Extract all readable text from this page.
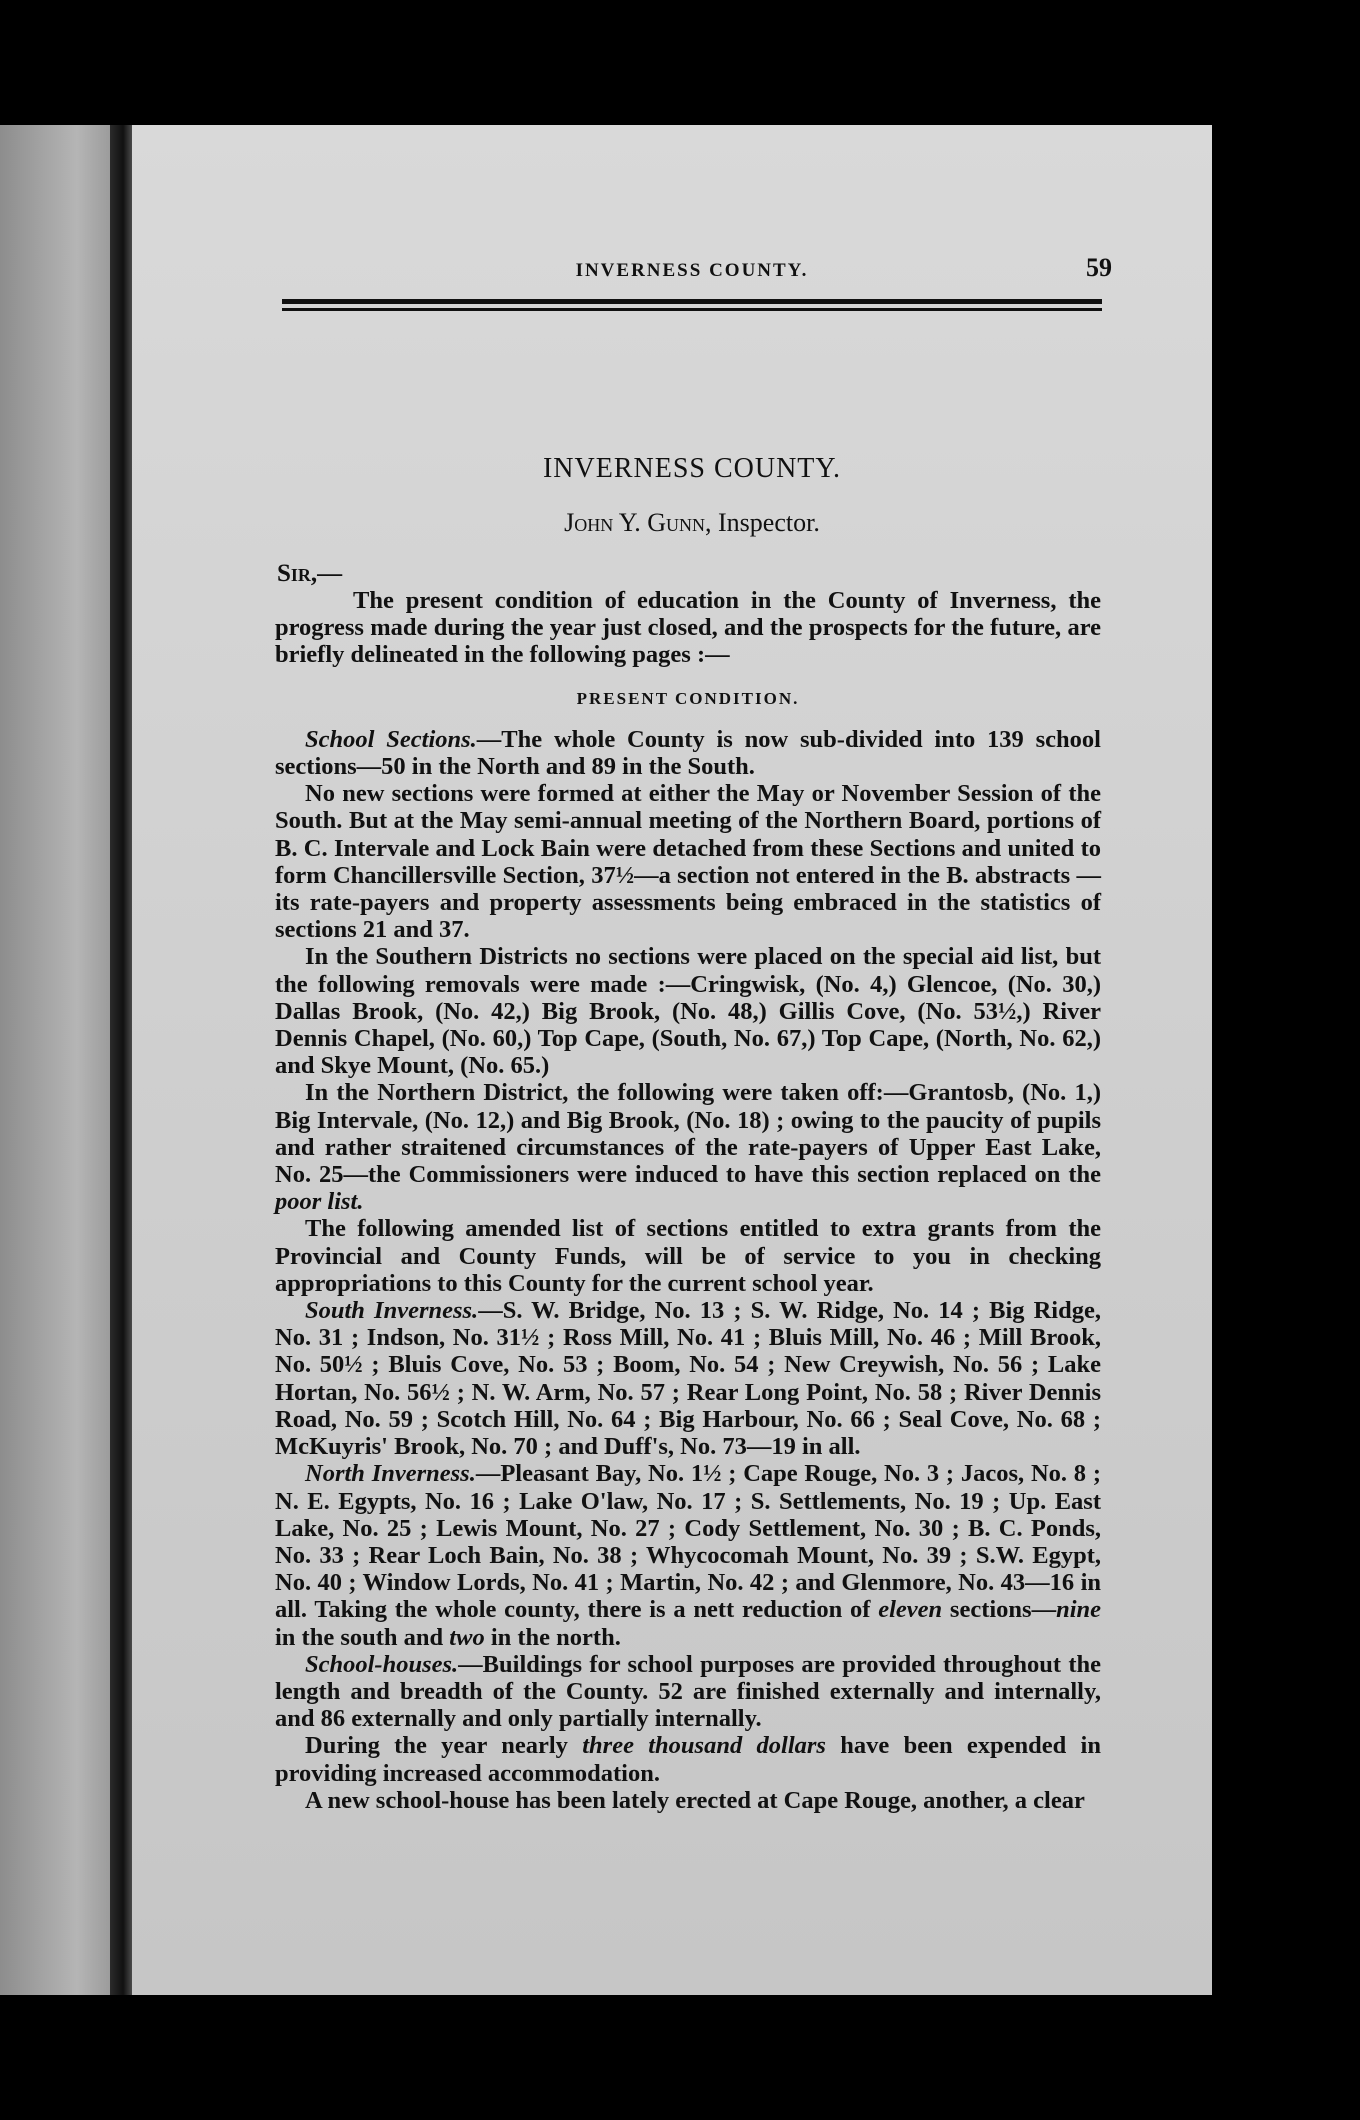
INVERNESS COUNTY.	59
INVERNESS COUNTY.
John Y. Gunn, Inspector.
Sir,—

The present condition of education in the County of Inverness, the progress made during the year just closed, and the prospects for the future, are briefly delineated in the following pages :—

PRESENT CONDITION.

School Sections.—The whole County is now sub-divided into 139 school sections—50 in the North and 89 in the South.

No new sections were formed at either the May or November Session of the South. But at the May semi-annual meeting of the Northern Board, portions of B. C. Intervale and Lock Bain were detached from these Sections and united to form Chancillersville Section, 37½—a section not entered in the B. abstracts —its rate-payers and property assessments being embraced in the statistics of sections 21 and 37.

In the Southern Districts no sections were placed on the special aid list, but the following removals were made :—Cringwisk, (No. 4,) Glencoe, (No. 30,) Dallas Brook, (No. 42,) Big Brook, (No. 48,) Gillis Cove, (No. 53½,) River Dennis Chapel, (No. 60,) Top Cape, (South, No. 67,) Top Cape, (North, No. 62,) and Skye Mount, (No. 65.)

In the Northern District, the following were taken off:—Grantosb, (No. 1,) Big Intervale, (No. 12,) and Big Brook, (No. 18) ; owing to the paucity of pupils and rather straitened circumstances of the rate-payers of Upper East Lake, No. 25—the Commissioners were induced to have this section replaced on the poor list.

The following amended list of sections entitled to extra grants from the Provincial and County Funds, will be of service to you in checking appropriations to this County for the current school year.

South Inverness.—S. W. Bridge, No. 13 ; S. W. Ridge, No. 14 ; Big Ridge, No. 31 ; Indson, No. 31½ ; Ross Mill, No. 41 ; Bluis Mill, No. 46 ; Mill Brook, No. 50½ ; Bluis Cove, No. 53 ; Boom, No. 54 ; New Creywish, No. 56 ; Lake Hortan, No. 56½ ; N. W. Arm, No. 57 ; Rear Long Point, No. 58 ; River Dennis Road, No. 59 ; Scotch Hill, No. 64 ; Big Harbour, No. 66 ; Seal Cove, No. 68 ; McKuyris' Brook, No. 70 ; and Duff's, No. 73—19 in all.

North Inverness.—Pleasant Bay, No. 1½ ; Cape Rouge, No. 3 ; Jacos, No. 8 ; N. E. Egypts, No. 16 ; Lake O'law, No. 17 ; S. Settlements, No. 19 ; Up. East Lake, No. 25 ; Lewis Mount, No. 27 ; Cody Settlement, No. 30 ; B. C. Ponds, No. 33 ; Rear Loch Bain, No. 38 ; Whycocomah Mount, No. 39 ; S.W. Egypt, No. 40 ; Window Lords, No. 41 ; Martin, No. 42 ; and Glenmore, No. 43—16 in all. Taking the whole county, there is a nett reduction of eleven sections—nine in the south and two in the north.

School-houses.—Buildings for school purposes are provided throughout the length and breadth of the County. 52 are finished externally and internally, and 86 externally and only partially internally.

During the year nearly three thousand dollars have been expended in providing increased accommodation.

A new school-house has been lately erected at Cape Rouge, another, a clear
